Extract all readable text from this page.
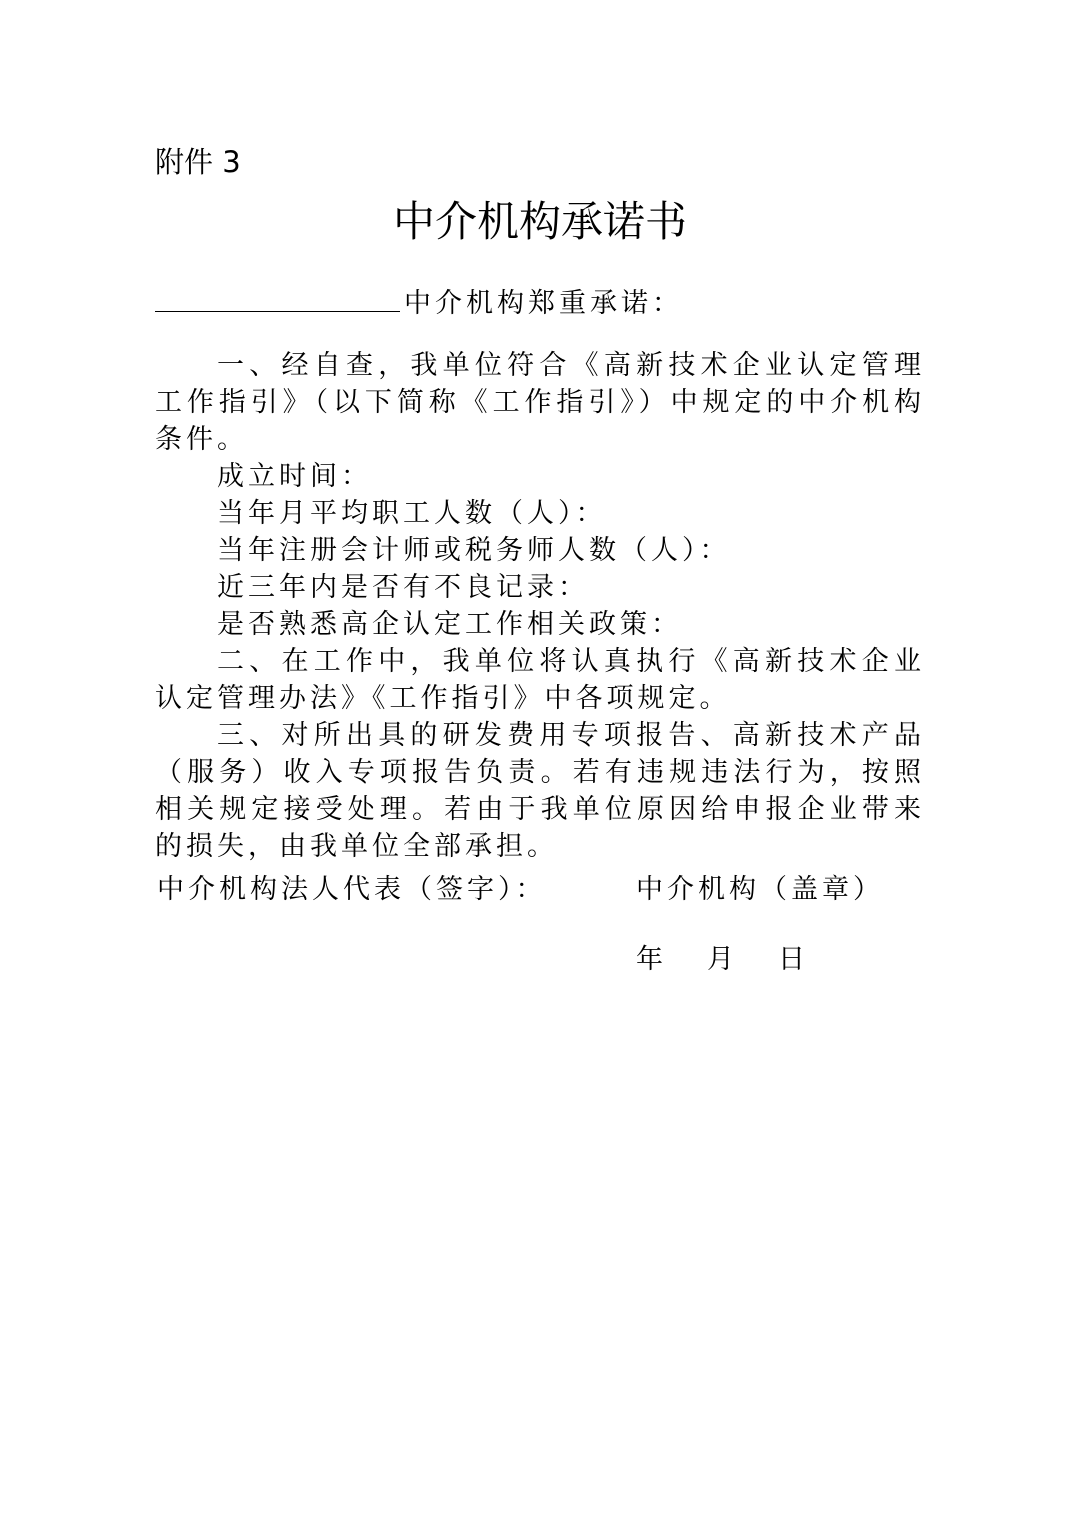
附件 3
中介机构承诺书
中介机构郑重承诺：

一、经自查，我单位符合《高新技术企业认定管理工作指引》（以下简称《工作指引》）中规定的中介机构条件。

成立时间：

当年月平均职工人数（人）：

当年注册会计师或税务师人数（人）：

近三年内是否有不良记录：

是否熟悉高企认定工作相关政策：

二、在工作中，我单位将认真执行《高新技术企业认定管理办法》《工作指引》中各项规定。

三、对所出具的研发费用专项报告、高新技术产品（服务）收入专项报告负责。若有违规违法行为，按照相关规定接受处理。若由于我单位原因给申报企业带来的损失，由我单位全部承担。

中介机构法人代表（签字）：	中介机构（盖章）
年 月 日
